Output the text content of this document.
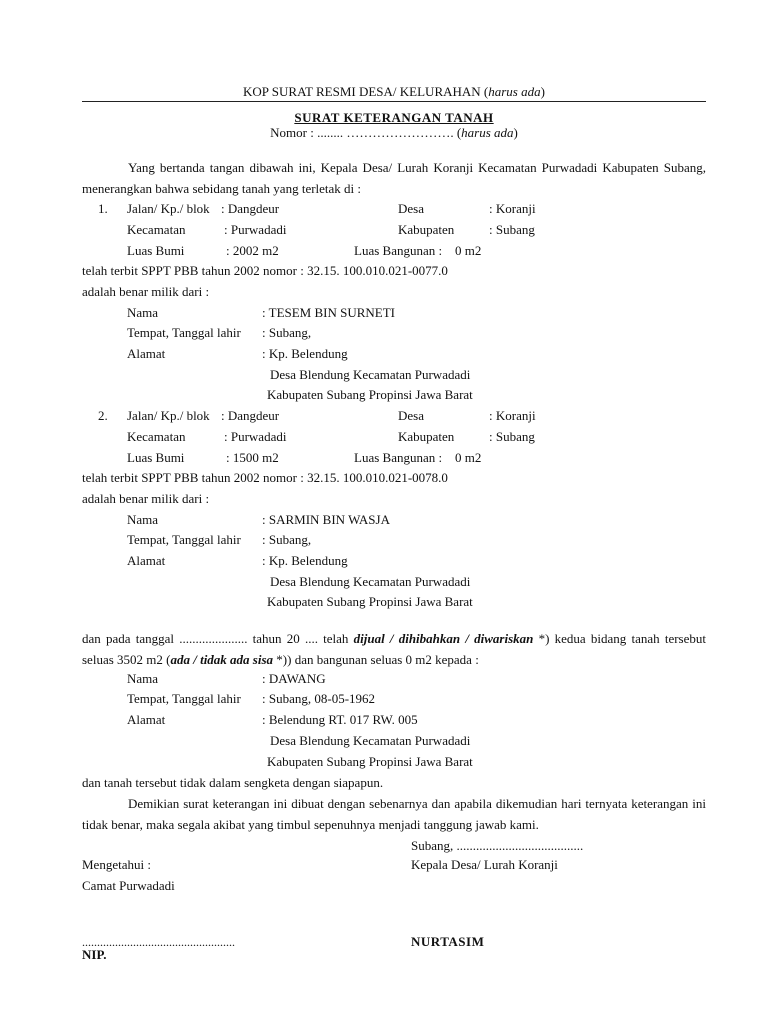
KOP SURAT RESMI DESA/ KELURAHAN (harus ada)
SURAT KETERANGAN TANAH
Nomor : ........ ……………………. (harus ada)
Yang bertanda tangan dibawah ini, Kepala Desa/ Lurah Koranji Kecamatan Purwadadi Kabupaten Subang, menerangkan bahwa sebidang tanah yang terletak di :
1. Jalan/ Kp./ blok : Dangdeur	Desa	: Koranji
Kecamatan	: Purwadadi	Kabupaten	: Subang
Luas Bumi	: 2002 m2	Luas Bangunan : 0 m2
telah terbit SPPT PBB tahun 2002 nomor : 32.15. 100.010.021-0077.0
adalah benar milik dari :
Nama	: TESEM BIN SURNETI
Tempat, Tanggal lahir : Subang,
Alamat	: Kp. Belendung
Desa Blendung Kecamatan Purwadadi
Kabupaten Subang Propinsi Jawa Barat
2. Jalan/ Kp./ blok : Dangdeur	Desa	: Koranji
Kecamatan	: Purwadadi	Kabupaten	: Subang
Luas Bumi	: 1500 m2	Luas Bangunan : 0 m2
telah terbit SPPT PBB tahun 2002 nomor : 32.15. 100.010.021-0078.0
adalah benar milik dari :
Nama	: SARMIN BIN WASJA
Tempat, Tanggal lahir : Subang,
Alamat	: Kp. Belendung
Desa Blendung Kecamatan Purwadadi
Kabupaten Subang Propinsi Jawa Barat
dan pada tanggal ..................... tahun 20 .... telah dijual / dihibahkan / diwariskan *) kedua bidang tanah tersebut seluas 3502 m2 (ada / tidak ada sisa *)) dan bangunan seluas 0 m2 kepada :
Nama	: DAWANG
Tempat, Tanggal lahir : Subang, 08-05-1962
Alamat	: Belendung RT. 017 RW. 005
Desa Blendung Kecamatan Purwadadi
Kabupaten Subang Propinsi Jawa Barat
dan tanah tersebut tidak dalam sengketa dengan siapapun.
Demikian surat keterangan ini dibuat dengan sebenarnya dan apabila dikemudian hari ternyata keterangan ini tidak benar, maka segala akibat yang timbul sepenuhnya menjadi tanggung jawab kami.
Subang, .......................................
Mengetahui :	Kepala Desa/ Lurah Koranji
Camat Purwadadi
...................................................	NURTASIM
NIP.
